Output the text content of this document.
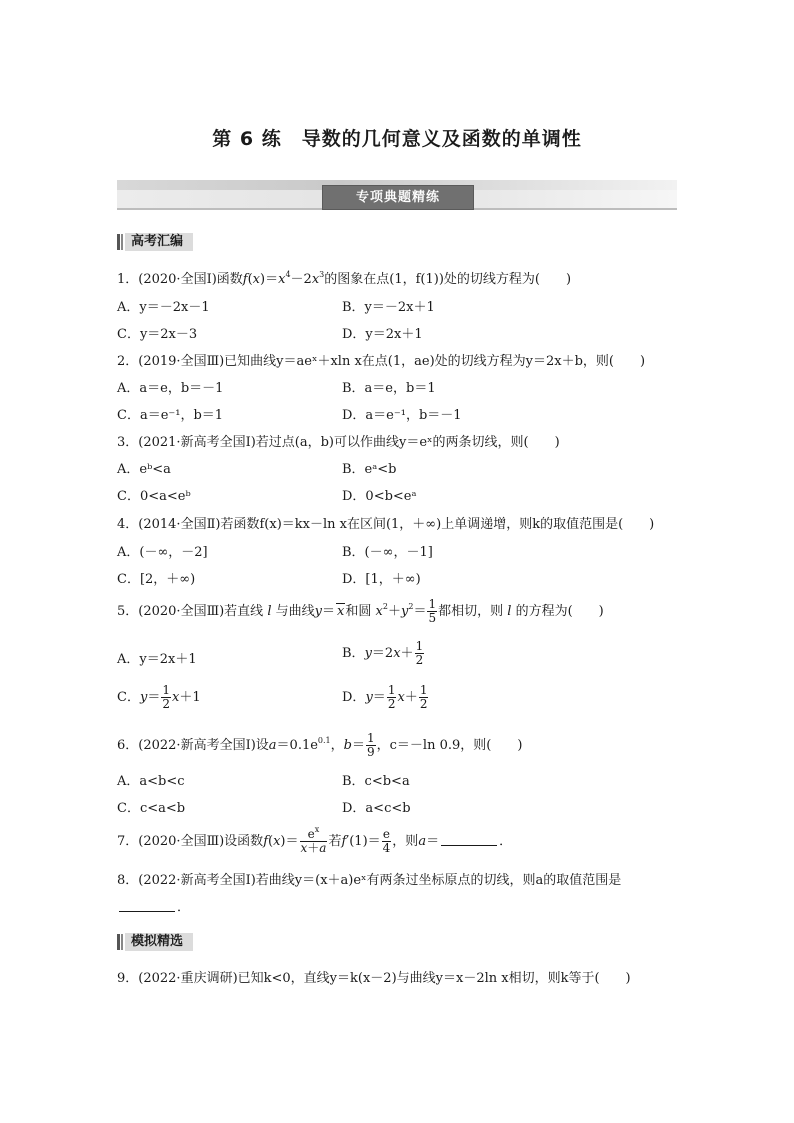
第 6 练　导数的几何意义及函数的单调性
专项典题精练
高考汇编
1．(2020·全国Ⅰ)函数$f(x)=x^4-2x^3$的图象在点(1，f(1))处的切线方程为(　　)
A．y＝－2x－1	B．y＝－2x＋1
C．y＝2x－3	D．y＝2x＋1
2．(2019·全国Ⅲ)已知曲线y＝aeˣ＋xln x在点(1，ae)处的切线方程为y＝2x＋b，则(　　)
A．a＝e，b＝－1	B．a＝e，b＝1
C．a＝e⁻¹，b＝1	D．a＝e⁻¹，b＝－1
3．(2021·新高考全国Ⅰ)若过点(a，b)可以作曲线y＝eˣ的两条切线，则(　　)
A．eᵇ<a	B．eᵃ<b
C．0<a<eᵇ	D．0<b<eᵃ
4．(2014·全国Ⅱ)若函数f(x)＝kx－ln x在区间(1，＋∞)上单调递增，则k的取值范围是(　　)
A．(－∞，－2]	B．(－∞，－1]
C．[2，＋∞)	D．[1，＋∞)
5．(2020·全国Ⅲ)若直线 l 与曲线y＝ x和圆 $x^2+y^2= \frac{1}{5}$ 都相切，则 l 的方程为(　　)
A．y＝2x＋1	B．$y=2x+ \frac{1}{2}$
C．$y= \frac{1}{2} x+1$	D．$y= \frac{1}{2} x+ \frac{1}{2}$
6．(2022·新高考全国Ⅰ)设$a=0.1e^{0.1}$，$b= \frac{1}{9}$ ，c＝－ln 0.9，则(　　)
A．a<b<c	B．c<b<a
C．c<a<b	D．a<c<b
7．(2020·全国Ⅲ)设函数$f(x)= \frac{e^x}{x+a}$ 若$f'(1)= \frac{e}{4}$ ，则a＝	．
8．(2022·新高考全国Ⅰ)若曲线y＝(x＋a)eˣ有两条过坐标原点的切线，则a的取值范围是
．
模拟精选
9．(2022·重庆调研)已知k<0，直线y＝k(x－2)与曲线y＝x－2ln x相切，则k等于(　　)
